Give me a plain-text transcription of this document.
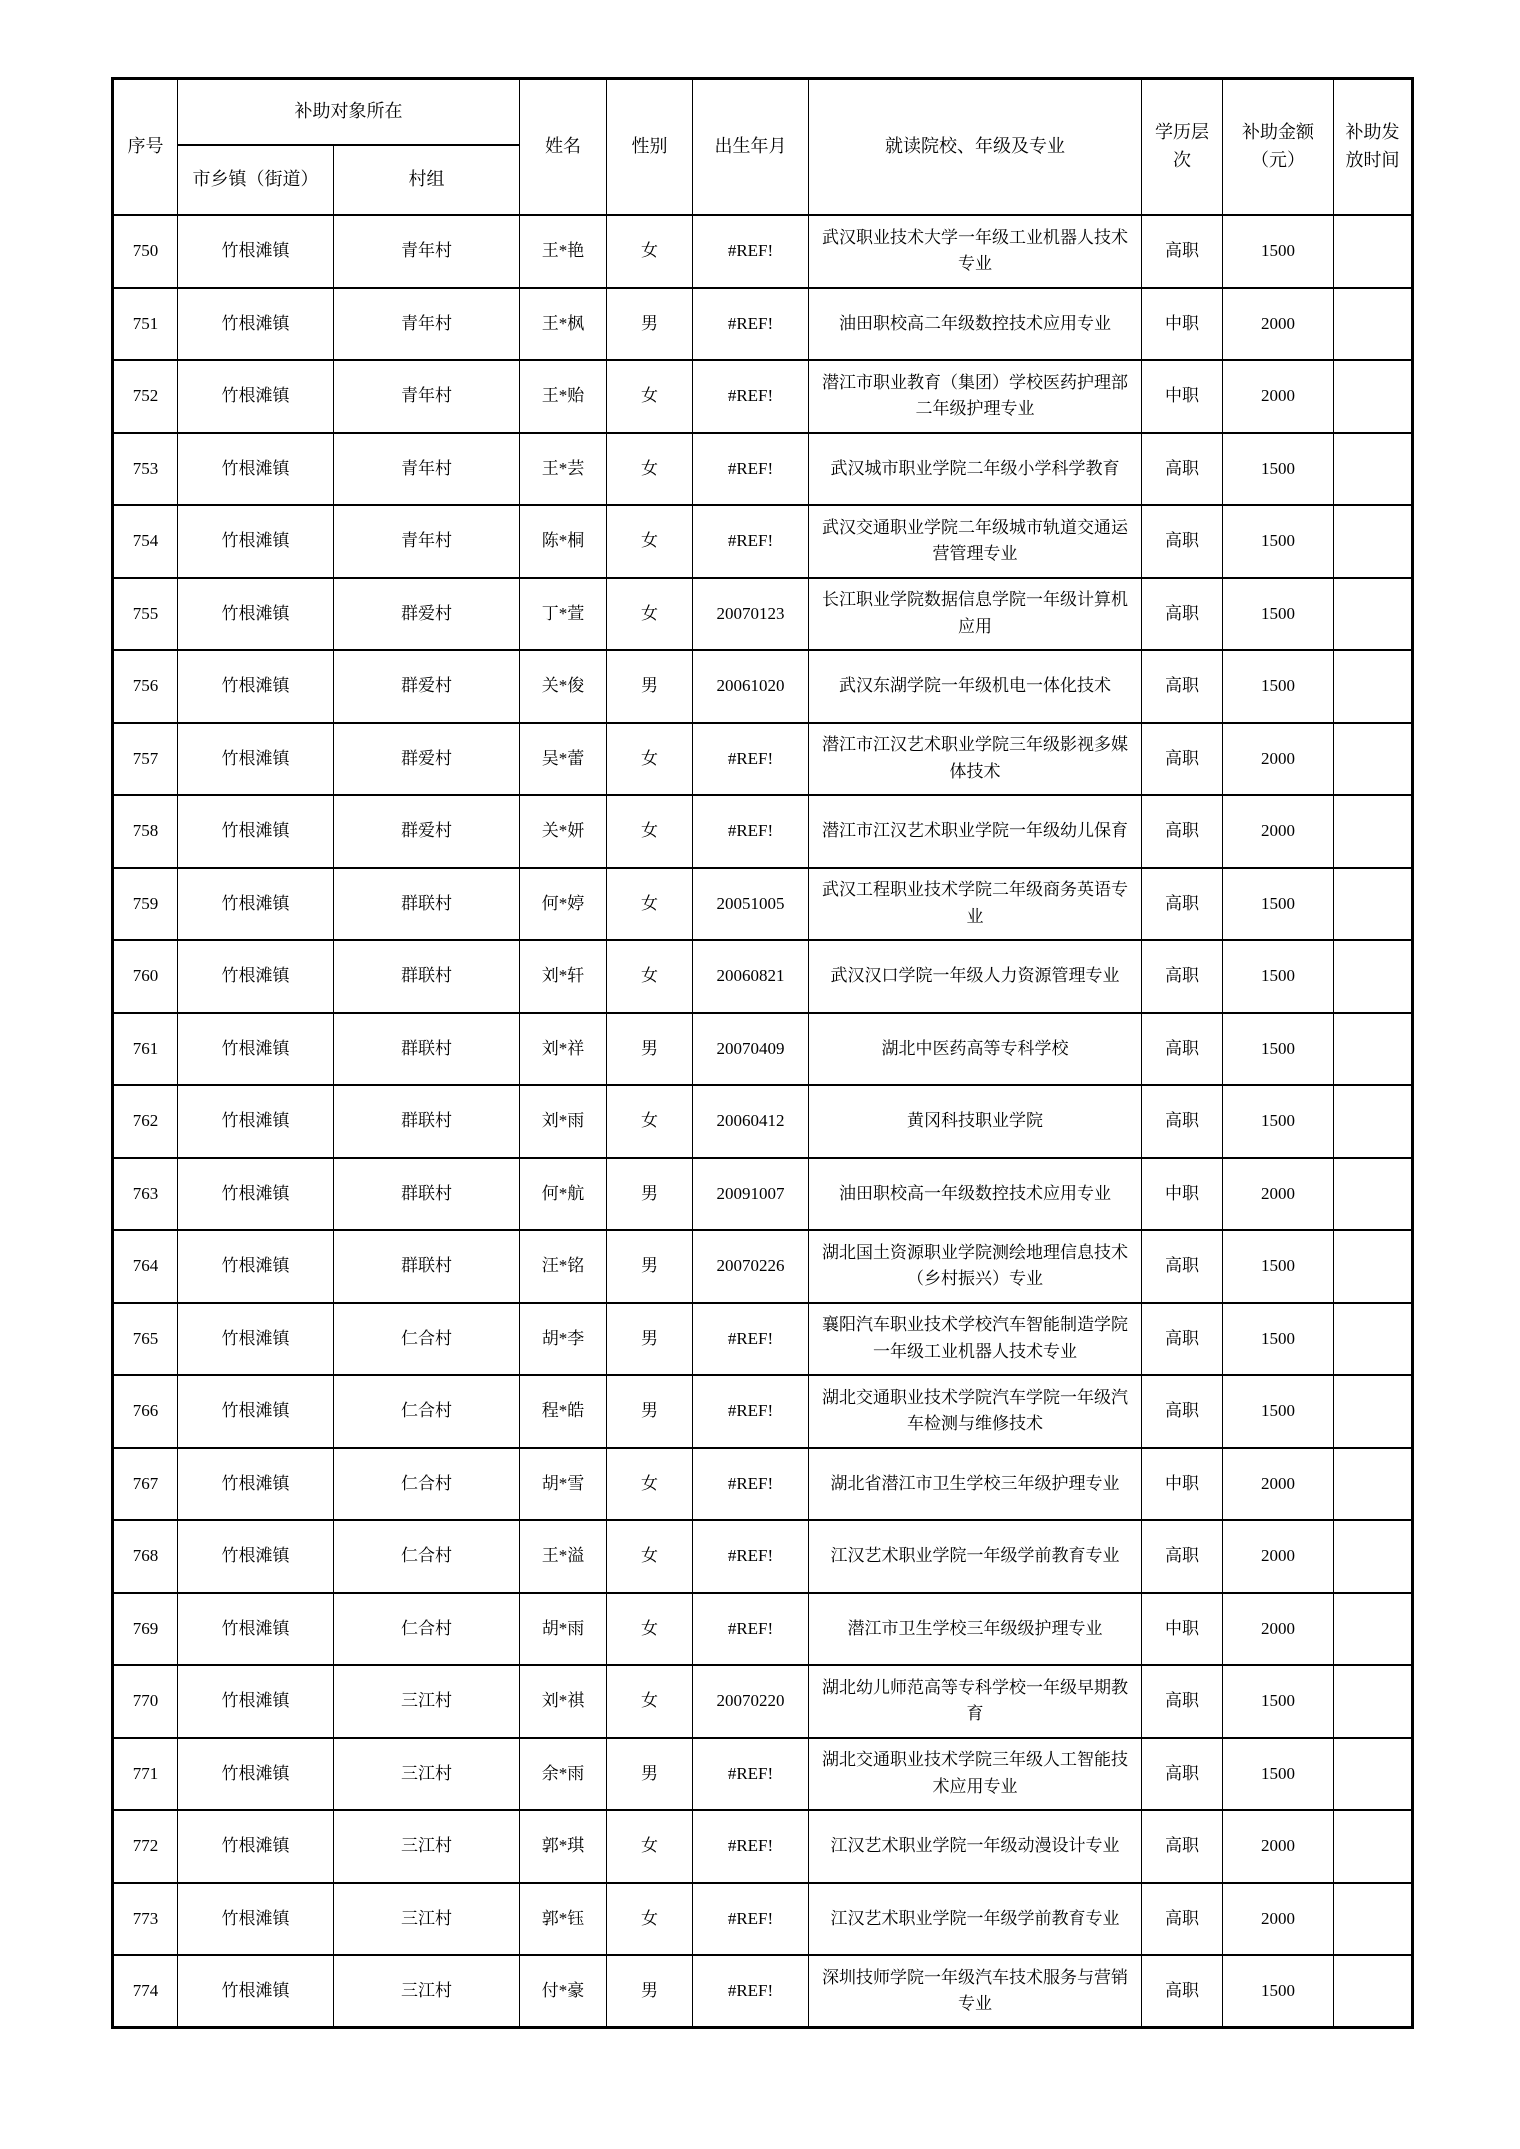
序号	补助对象所在		姓名	性别	出生年月	就读院校、年级及专业	学历层次	补助金额（元）	补助发放时间
	市乡镇（街道）	村组							
750	竹根滩镇	青年村	王*艳	女	#REF!	武汉职业技术大学一年级工业机器人技术专业	高职	1500	
751	竹根滩镇	青年村	王*枫	男	#REF!	油田职校高二年级数控技术应用专业	中职	2000	
752	竹根滩镇	青年村	王*贻	女	#REF!	潜江市职业教育（集团）学校医药护理部二年级护理专业	中职	2000	
753	竹根滩镇	青年村	王*芸	女	#REF!	武汉城市职业学院二年级小学科学教育	高职	1500	
754	竹根滩镇	青年村	陈*桐	女	#REF!	武汉交通职业学院二年级城市轨道交通运营管理专业	高职	1500	
755	竹根滩镇	群爱村	丁*萱	女	20070123	长江职业学院数据信息学院一年级计算机应用	高职	1500	
756	竹根滩镇	群爱村	关*俊	男	20061020	武汉东湖学院一年级机电一体化技术	高职	1500	
757	竹根滩镇	群爱村	吴*蕾	女	#REF!	潜江市江汉艺术职业学院三年级影视多媒体技术	高职	2000	
758	竹根滩镇	群爱村	关*妍	女	#REF!	潜江市江汉艺术职业学院一年级幼儿保育	高职	2000	
759	竹根滩镇	群联村	何*婷	女	20051005	武汉工程职业技术学院二年级商务英语专业	高职	1500	
760	竹根滩镇	群联村	刘*轩	女	20060821	武汉汉口学院一年级人力资源管理专业	高职	1500	
761	竹根滩镇	群联村	刘*祥	男	20070409	湖北中医药高等专科学校	高职	1500	
762	竹根滩镇	群联村	刘*雨	女	20060412	黄冈科技职业学院	高职	1500	
763	竹根滩镇	群联村	何*航	男	20091007	油田职校高一年级数控技术应用专业	中职	2000	
764	竹根滩镇	群联村	汪*铭	男	20070226	湖北国土资源职业学院测绘地理信息技术（乡村振兴）专业	高职	1500	
765	竹根滩镇	仁合村	胡*李	男	#REF!	襄阳汽车职业技术学校汽车智能制造学院一年级工业机器人技术专业	高职	1500	
766	竹根滩镇	仁合村	程*皓	男	#REF!	湖北交通职业技术学院汽车学院一年级汽车检测与维修技术	高职	1500	
767	竹根滩镇	仁合村	胡*雪	女	#REF!	湖北省潜江市卫生学校三年级护理专业	中职	2000	
768	竹根滩镇	仁合村	王*溢	女	#REF!	江汉艺术职业学院一年级学前教育专业	高职	2000	
769	竹根滩镇	仁合村	胡*雨	女	#REF!	潜江市卫生学校三年级级护理专业	中职	2000	
770	竹根滩镇	三江村	刘*祺	女	20070220	湖北幼儿师范高等专科学校一年级早期教育	高职	1500	
771	竹根滩镇	三江村	余*雨	男	#REF!	湖北交通职业技术学院三年级人工智能技术应用专业	高职	1500	
772	竹根滩镇	三江村	郭*琪	女	#REF!	江汉艺术职业学院一年级动漫设计专业	高职	2000	
773	竹根滩镇	三江村	郭*钰	女	#REF!	江汉艺术职业学院一年级学前教育专业	高职	2000	
774	竹根滩镇	三江村	付*豪	男	#REF!	深圳技师学院一年级汽车技术服务与营销专业	高职	1500	
